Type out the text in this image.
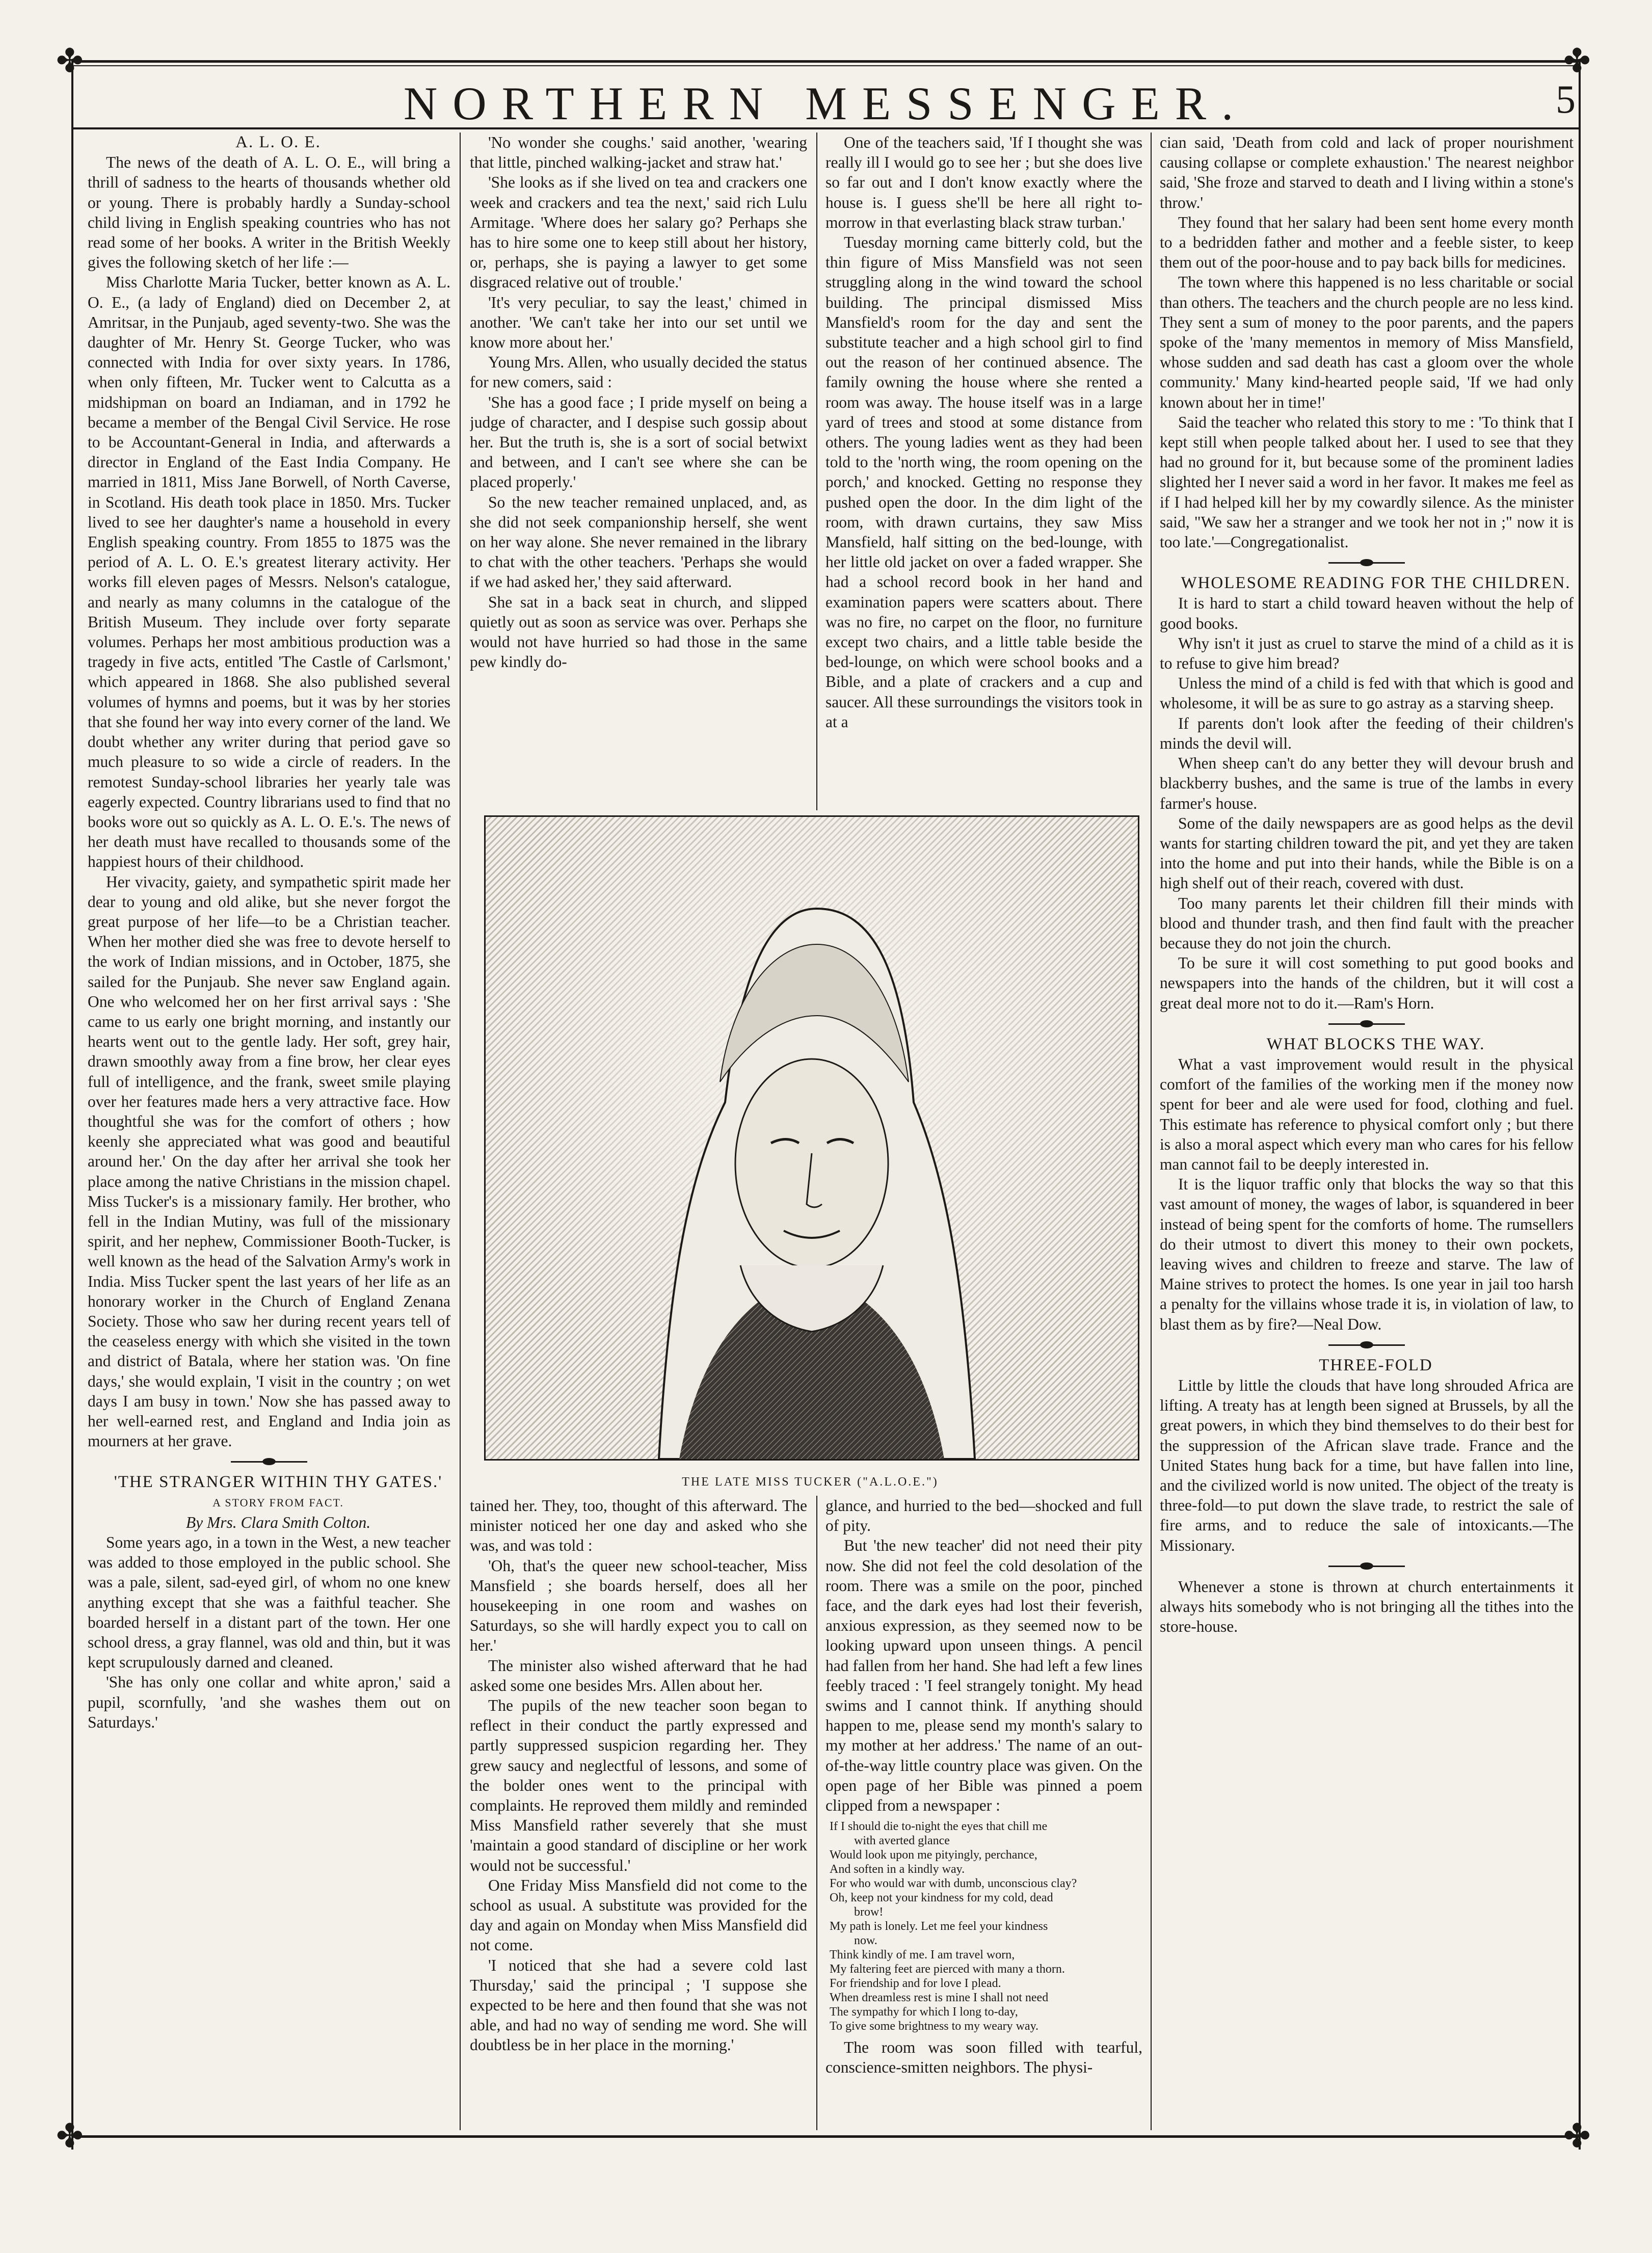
✤	✤
✤	✤
NORTHERN MESSENGER.	5

A. L. O. E.

The news of the death of A. L. O. E., will bring a thrill of sadness to the hearts of thousands whether old or young. There is probably hardly a Sunday-school child living in English speaking countries who has not read some of her books. A writer in the British Weekly gives the following sketch of her life :—

Miss Charlotte Maria Tucker, better known as A. L. O. E., (a lady of England) died on December 2, at Amritsar, in the Punjaub, aged seventy-two. She was the daughter of Mr. Henry St. George Tucker, who was connected with India for over sixty years. In 1786, when only fifteen, Mr. Tucker went to Calcutta as a midshipman on board an Indiaman, and in 1792 he became a member of the Bengal Civil Service. He rose to be Accountant-General in India, and afterwards a director in England of the East India Company. He married in 1811, Miss Jane Borwell, of North Caverse, in Scotland. His death took place in 1850. Mrs. Tucker lived to see her daughter's name a household in every English speaking country. From 1855 to 1875 was the period of A. L. O. E.'s greatest literary activity. Her works fill eleven pages of Messrs. Nelson's catalogue, and nearly as many columns in the catalogue of the British Museum. They include over forty separate volumes. Perhaps her most ambitious production was a tragedy in five acts, entitled 'The Castle of Carlsmont,' which appeared in 1868. She also published several volumes of hymns and poems, but it was by her stories that she found her way into every corner of the land. We doubt whether any writer during that period gave so much pleasure to so wide a circle of readers. In the remotest Sunday-school libraries her yearly tale was eagerly expected. Country librarians used to find that no books wore out so quickly as A. L. O. E.'s. The news of her death must have recalled to thousands some of the happiest hours of their childhood.

Her vivacity, gaiety, and sympathetic spirit made her dear to young and old alike, but she never forgot the great purpose of her life—to be a Christian teacher. When her mother died she was free to devote herself to the work of Indian missions, and in October, 1875, she sailed for the Punjaub. She never saw England again. One who welcomed her on her first arrival says : 'She came to us early one bright morning, and instantly our hearts went out to the gentle lady. Her soft, grey hair, drawn smoothly away from a fine brow, her clear eyes full of intelligence, and the frank, sweet smile playing over her features made hers a very attractive face. How thoughtful she was for the comfort of others ; how keenly she appreciated what was good and beautiful around her.' On the day after her arrival she took her place among the native Christians in the mission chapel. Miss Tucker's is a missionary family. Her brother, who fell in the Indian Mutiny, was full of the missionary spirit, and her nephew, Commissioner Booth-Tucker, is well known as the head of the Salvation Army's work in India. Miss Tucker spent the last years of her life as an honorary worker in the Church of England Zenana Society. Those who saw her during recent years tell of the ceaseless energy with which she visited in the town and district of Batala, where her station was. 'On fine days,' she would explain, 'I visit in the country ; on wet days I am busy in town.' Now she has passed away to her well-earned rest, and England and India join as mourners at her grave.

'THE STRANGER WITHIN THY GATES.'

A STORY FROM FACT.

By Mrs. Clara Smith Colton.

Some years ago, in a town in the West, a new teacher was added to those employed in the public school. She was a pale, silent, sad-eyed girl, of whom no one knew anything except that she was a faithful teacher. She boarded herself in a distant part of the town. Her one school dress, a gray flannel, was old and thin, but it was kept scrupulously darned and cleaned.

'She has only one collar and white apron,' said a pupil, scornfully, 'and she washes them out on Saturdays.'

'No wonder she coughs.' said another, 'wearing that little, pinched walking-jacket and straw hat.'

'She looks as if she lived on tea and crackers one week and crackers and tea the next,' said rich Lulu Armitage. 'Where does her salary go? Perhaps she has to hire some one to keep still about her history, or, perhaps, she is paying a lawyer to get some disgraced relative out of trouble.'

'It's very peculiar, to say the least,' chimed in another. 'We can't take her into our set until we know more about her.'

Young Mrs. Allen, who usually decided the status for new comers, said :

'She has a good face ; I pride myself on being a judge of character, and I despise such gossip about her. But the truth is, she is a sort of social betwixt and between, and I can't see where she can be placed properly.'

So the new teacher remained unplaced, and, as she did not seek companionship herself, she went on her way alone. She never remained in the library to chat with the other teachers. 'Perhaps she would if we had asked her,' they said afterward.

She sat in a back seat in church, and slipped quietly out as soon as service was over. Perhaps she would not have hurried so had those in the same pew kindly do-

One of the teachers said, 'If I thought she was really ill I would go to see her ; but she does live so far out and I don't know exactly where the house is. I guess she'll be here all right to-morrow in that everlasting black straw turban.'

Tuesday morning came bitterly cold, but the thin figure of Miss Mansfield was not seen struggling along in the wind toward the school building. The principal dismissed Miss Mansfield's room for the day and sent the substitute teacher and a high school girl to find out the reason of her continued absence. The family owning the house where she rented a room was away. The house itself was in a large yard of trees and stood at some distance from others. The young ladies went as they had been told to the 'north wing, the room opening on the porch,' and knocked. Getting no response they pushed open the door. In the dim light of the room, with drawn curtains, they saw Miss Mansfield, half sitting on the bed-lounge, with her little old jacket on over a faded wrapper. She had a school record book in her hand and examination papers were scatters about. There was no fire, no carpet on the floor, no furniture except two chairs, and a little table beside the bed-lounge, on which were school books and a Bible, and a plate of crackers and a cup and saucer. All these surroundings the visitors took in at a

THE LATE MISS TUCKER ("A.L.O.E.")

tained her. They, too, thought of this afterward. The minister noticed her one day and asked who she was, and was told :

'Oh, that's the queer new school-teacher, Miss Mansfield ; she boards herself, does all her housekeeping in one room and washes on Saturdays, so she will hardly expect you to call on her.'

The minister also wished afterward that he had asked some one besides Mrs. Allen about her.

The pupils of the new teacher soon began to reflect in their conduct the partly expressed and partly suppressed suspicion regarding her. They grew saucy and neglectful of lessons, and some of the bolder ones went to the principal with complaints. He reproved them mildly and reminded Miss Mansfield rather severely that she must 'maintain a good standard of discipline or her work would not be successful.'

One Friday Miss Mansfield did not come to the school as usual. A substitute was provided for the day and again on Monday when Miss Mansfield did not come.

'I noticed that she had a severe cold last Thursday,' said the principal ; 'I suppose she expected to be here and then found that she was not able, and had no way of sending me word. She will doubtless be in her place in the morning.'

glance, and hurried to the bed—shocked and full of pity.

But 'the new teacher' did not need their pity now. She did not feel the cold desolation of the room. There was a smile on the poor, pinched face, and the dark eyes had lost their feverish, anxious expression, as they seemed now to be looking upward upon unseen things. A pencil had fallen from her hand. She had left a few lines feebly traced : 'I feel strangely tonight. My head swims and I cannot think. If anything should happen to me, please send my month's salary to my mother at her address.' The name of an out-of-the-way little country place was given. On the open page of her Bible was pinned a poem clipped from a newspaper :

If I should die to-night the eyes that chill me
with averted glance
Would look upon me pityingly, perchance,
And soften in a kindly way.
For who would war with dumb, unconscious clay?
Oh, keep not your kindness for my cold, dead
brow!
My path is lonely. Let me feel your kindness
now.
Think kindly of me. I am travel worn,
My faltering feet are pierced with many a thorn.
For friendship and for love I plead.
When dreamless rest is mine I shall not need
The sympathy for which I long to-day,
To give some brightness to my weary way.

The room was soon filled with tearful, conscience-smitten neighbors. The physi-

cian said, 'Death from cold and lack of proper nourishment causing collapse or complete exhaustion.' The nearest neighbor said, 'She froze and starved to death and I living within a stone's throw.'

They found that her salary had been sent home every month to a bedridden father and mother and a feeble sister, to keep them out of the poor-house and to pay back bills for medicines.

The town where this happened is no less charitable or social than others. The teachers and the church people are no less kind. They sent a sum of money to the poor parents, and the papers spoke of the 'many mementos in memory of Miss Mansfield, whose sudden and sad death has cast a gloom over the whole community.' Many kind-hearted people said, 'If we had only known about her in time!'

Said the teacher who related this story to me : 'To think that I kept still when people talked about her. I used to see that they had no ground for it, but because some of the prominent ladies slighted her I never said a word in her favor. It makes me feel as if I had helped kill her by my cowardly silence. As the minister said, "We saw her a stranger and we took her not in ;" now it is too late.'—Congregationalist.

WHOLESOME READING FOR THE CHILDREN.

It is hard to start a child toward heaven without the help of good books.

Why isn't it just as cruel to starve the mind of a child as it is to refuse to give him bread?

Unless the mind of a child is fed with that which is good and wholesome, it will be as sure to go astray as a starving sheep.

If parents don't look after the feeding of their children's minds the devil will.

When sheep can't do any better they will devour brush and blackberry bushes, and the same is true of the lambs in every farmer's house.

Some of the daily newspapers are as good helps as the devil wants for starting children toward the pit, and yet they are taken into the home and put into their hands, while the Bible is on a high shelf out of their reach, covered with dust.

Too many parents let their children fill their minds with blood and thunder trash, and then find fault with the preacher because they do not join the church.

To be sure it will cost something to put good books and newspapers into the hands of the children, but it will cost a great deal more not to do it.—Ram's Horn.

WHAT BLOCKS THE WAY.

What a vast improvement would result in the physical comfort of the families of the working men if the money now spent for beer and ale were used for food, clothing and fuel. This estimate has reference to physical comfort only ; but there is also a moral aspect which every man who cares for his fellow man cannot fail to be deeply interested in.

It is the liquor traffic only that blocks the way so that this vast amount of money, the wages of labor, is squandered in beer instead of being spent for the comforts of home. The rumsellers do their utmost to divert this money to their own pockets, leaving wives and children to freeze and starve. The law of Maine strives to protect the homes. Is one year in jail too harsh a penalty for the villains whose trade it is, in violation of law, to blast them as by fire?—Neal Dow.

THREE-FOLD

Little by little the clouds that have long shrouded Africa are lifting. A treaty has at length been signed at Brussels, by all the great powers, in which they bind themselves to do their best for the suppression of the African slave trade. France and the United States hung back for a time, but have fallen into line, and the civilized world is now united. The object of the treaty is three-fold—to put down the slave trade, to restrict the sale of fire arms, and to reduce the sale of intoxicants.—The Missionary.

Whenever a stone is thrown at church entertainments it always hits somebody who is not bringing all the tithes into the store-house.
